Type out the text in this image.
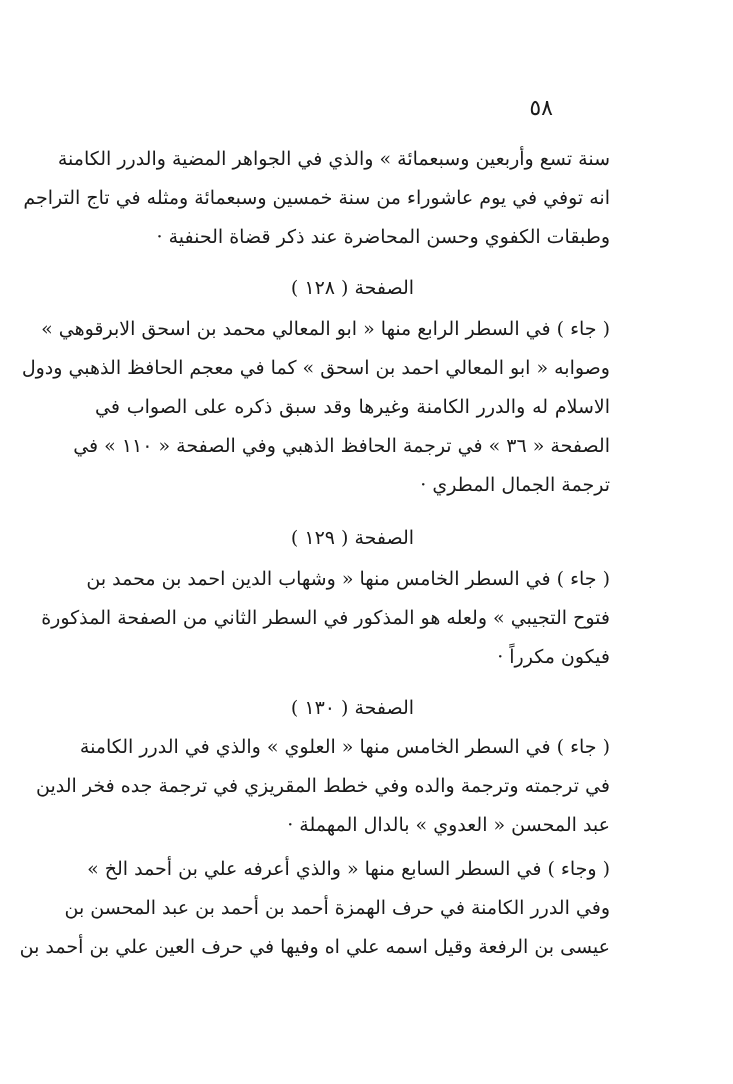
٥٨
سنة تسع وأربعين وسبعمائة » والذي في الجواهر المضية والدرر الكامنة
انه توفي في يوم عاشوراء من سنة خمسين وسبعمائة ومثله في تاج التراجم
وطبقات الكفوي وحسن المحاضرة عند ذكر قضاة الحنفية ·
الصفحة ( ١٢٨ )
( جاء ) في السطر الرابع منها « ابو المعالي محمد بن اسحق الابرقوهي »
وصوابه « ابو المعالي احمد بن اسحق » كما في معجم الحافظ الذهبي ودول
الاسلام له والدرر الكامنة وغيرها وقد سبق ذكره على الصواب في
الصفحة « ٣٦ » في ترجمة الحافظ الذهبي وفي الصفحة « ١١٠ » في
ترجمة الجمال المطري ·
الصفحة ( ١٢٩ )
( جاء ) في السطر الخامس منها « وشهاب الدين احمد بن محمد بن
فتوح التجيبي » ولعله هو المذكور في السطر الثاني من الصفحة المذكورة
فيكون مكرراً ·
الصفحة ( ١٣٠ )
( جاء ) في السطر الخامس منها « العلوي » والذي في الدرر الكامنة
في ترجمته وترجمة والده وفي خطط المقريزي في ترجمة جده فخر الدين
عبد المحسن « العدوي » بالدال المهملة ·
( وجاء ) في السطر السابع منها « والذي أعرفه علي بن أحمد الخ »
وفي الدرر الكامنة في حرف الهمزة أحمد بن أحمد بن عبد المحسن بن
عيسى بن الرفعة وقيل اسمه علي اه وفيها في حرف العين علي بن أحمد بن
